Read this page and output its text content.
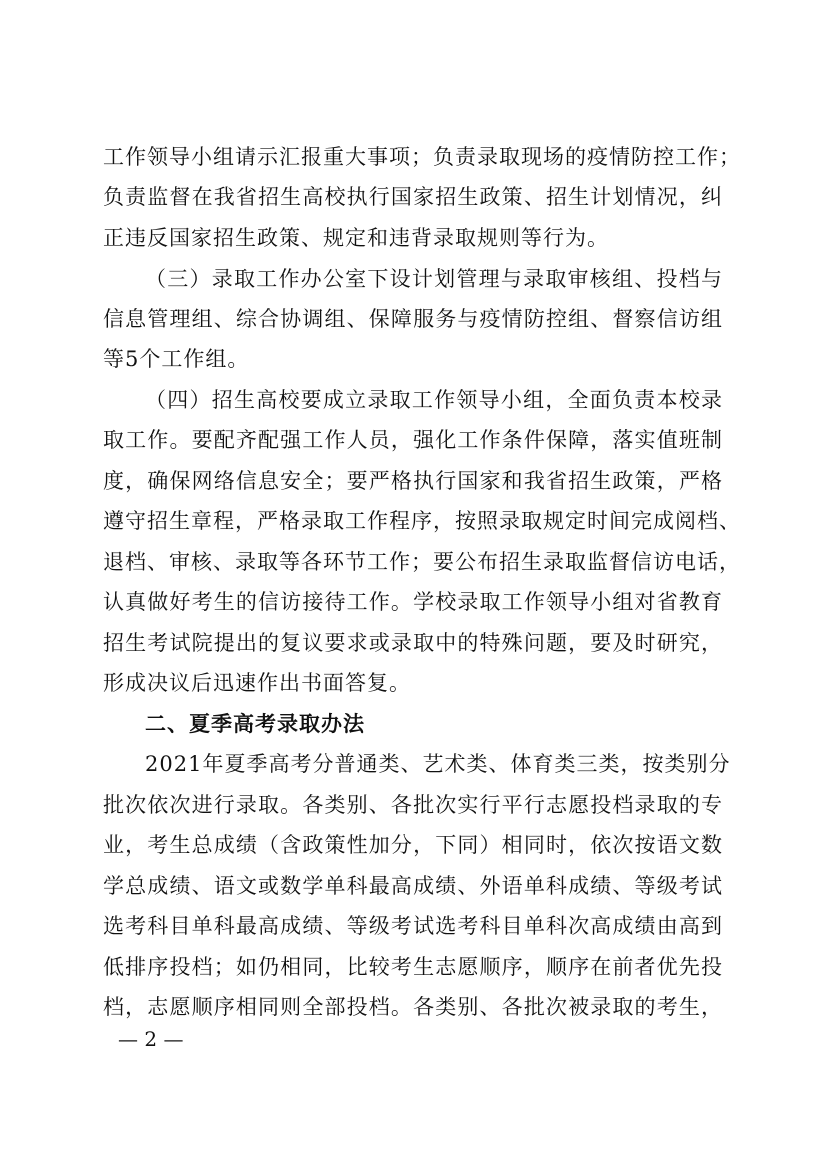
工作领导小组请示汇报重大事项；负责录取现场的疫情防控工作；
负责监督在我省招生高校执行国家招生政策、招生计划情况，纠
正违反国家招生政策、规定和违背录取规则等行为。
（三）录取工作办公室下设计划管理与录取审核组、投档与
信息管理组、综合协调组、保障服务与疫情防控组、督察信访组
等5个工作组。
（四）招生高校要成立录取工作领导小组，全面负责本校录
取工作。要配齐配强工作人员，强化工作条件保障，落实值班制
度，确保网络信息安全；要严格执行国家和我省招生政策，严格
遵守招生章程，严格录取工作程序，按照录取规定时间完成阅档、
退档、审核、录取等各环节工作；要公布招生录取监督信访电话，
认真做好考生的信访接待工作。学校录取工作领导小组对省教育
招生考试院提出的复议要求或录取中的特殊问题，要及时研究，
形成决议后迅速作出书面答复。
二、夏季高考录取办法
2021年夏季高考分普通类、艺术类、体育类三类，按类别分
批次依次进行录取。各类别、各批次实行平行志愿投档录取的专
业，考生总成绩（含政策性加分，下同）相同时，依次按语文数
学总成绩、语文或数学单科最高成绩、外语单科成绩、等级考试
选考科目单科最高成绩、等级考试选考科目单科次高成绩由高到
低排序投档；如仍相同，比较考生志愿顺序，顺序在前者优先投
档，志愿顺序相同则全部投档。各类别、各批次被录取的考生，
— 2 —
